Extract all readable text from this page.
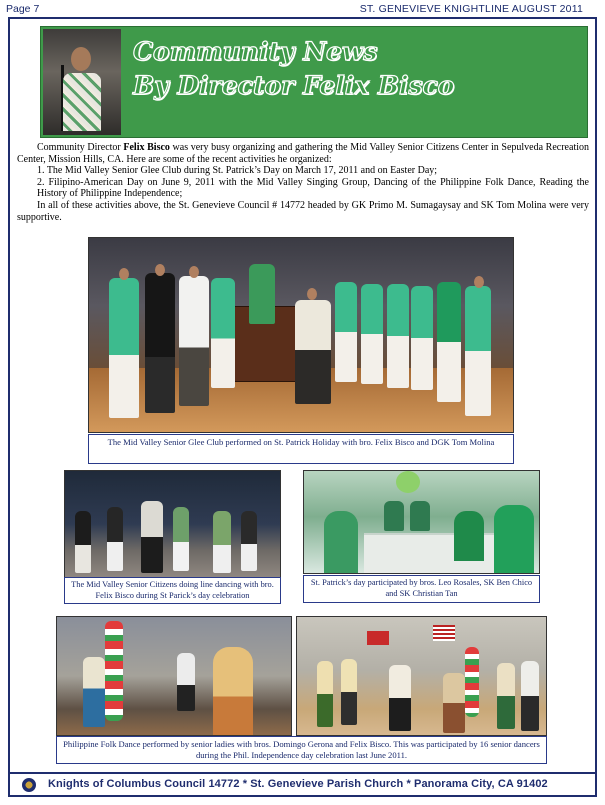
Page 7	ST. GENEVIEVE KNIGHTLINE AUGUST 2011
Community News
By Director Felix Bisco

Community Director Felix Bisco was very busy organizing and gathering the Mid Valley Senior Citizens Center in Sepulveda Recreation Center, Mission Hills, CA. Here are some of the recent activities he organized:

1. The Mid Valley Senior Glee Club during St. Patrick’s Day on March 17, 2011 and on Easter Day;

2. Filipino-American Day on June 9, 2011 with the Mid Valley Singing Group, Dancing of the Philippine Folk Dance, Reading the History of Philippine Independence;

In all of these activities above, the St. Genevieve Council # 14772 headed by GK Primo M. Sumagaysay and SK Tom Molina were very supportive.

The Mid Valley Senior Glee Club performed on St. Patrick Holiday with bro. Felix Bisco and DGK Tom Molina
The Mid Valley Senior Citizens doing line dancing with bro. Felix Bisco during St Parick’s day celebration
St. Patrick’s day participated by bros. Leo Rosales, SK Ben Chico and SK Christian Tan
Philippine Folk Dance performed by senior ladies with bros. Domingo Gerona and Felix Bisco. This was participated by 16 senior dancers during the Phil. Independence day celebration last June 2011.
Knights of Columbus Council 14772 * St. Genevieve Parish Church * Panorama City, CA 91402
